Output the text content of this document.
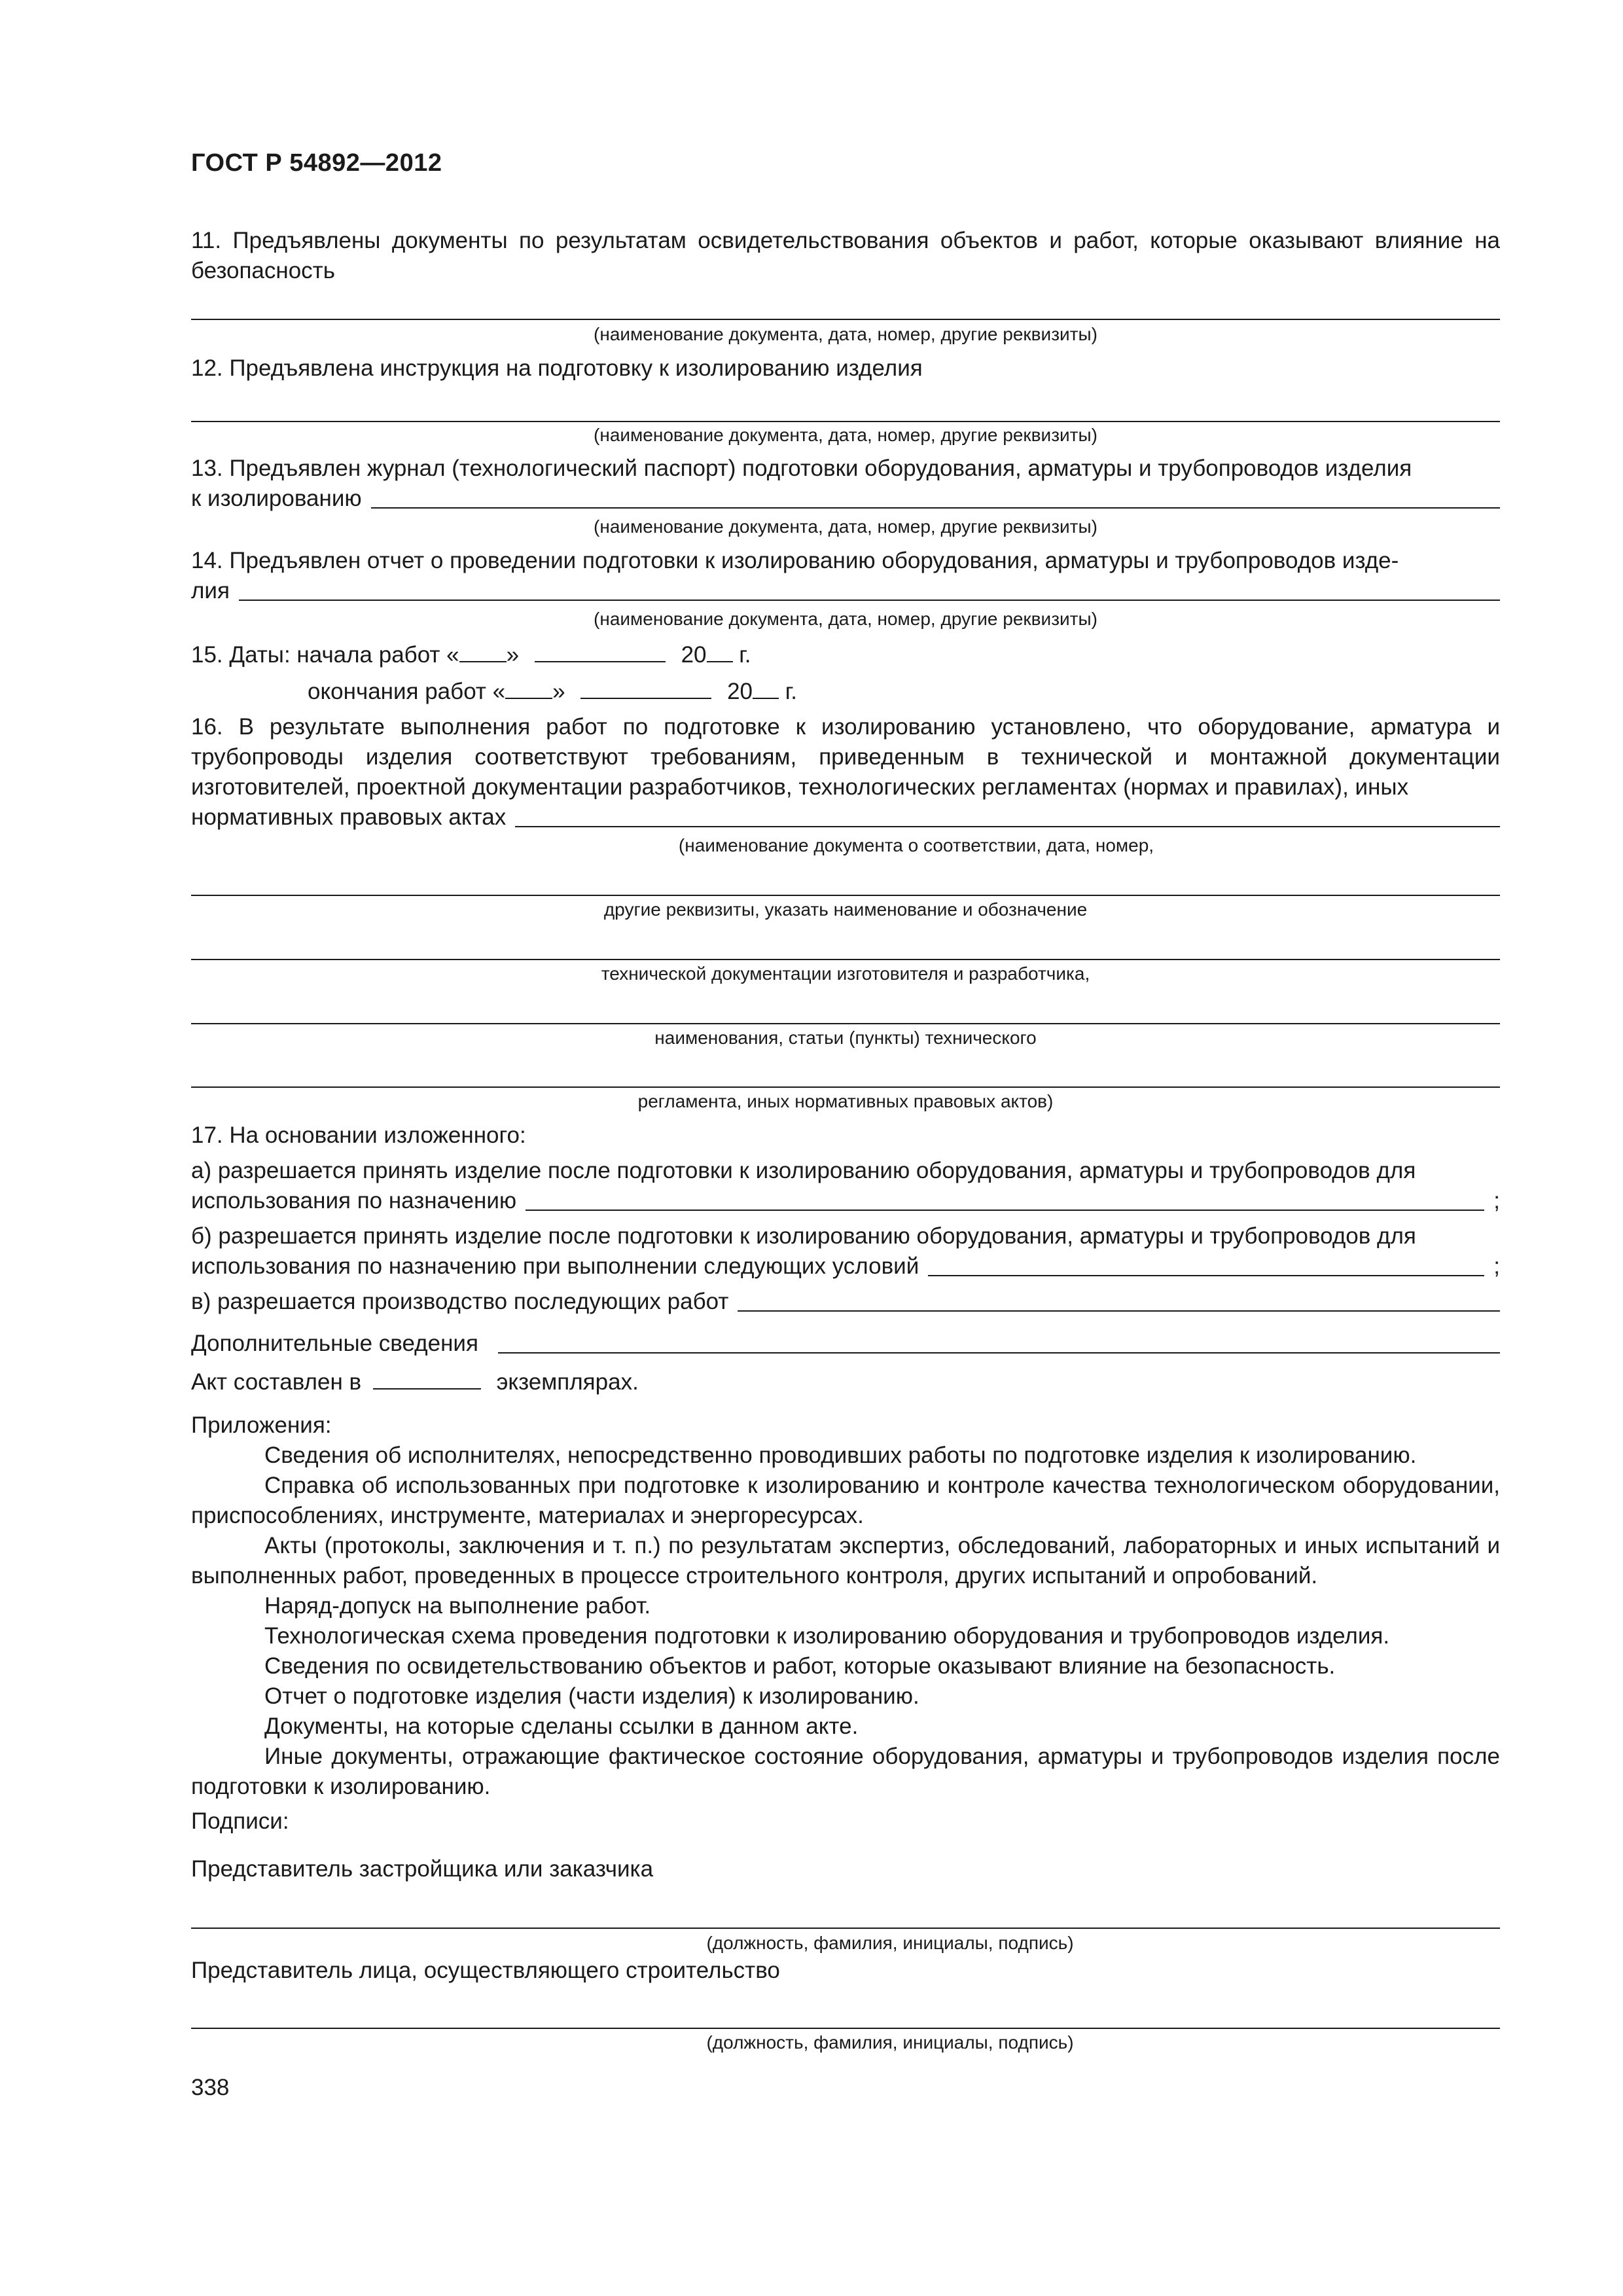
ГОСТ Р 54892—2012
11. Предъявлены документы по результатам освидетельствования объектов и работ, которые оказывают влияние на безопасность
(наименование документа, дата, номер, другие реквизиты)
12. Предъявлена инструкция на подготовку к изолированию изделия
(наименование документа, дата, номер, другие реквизиты)
13. Предъявлен журнал (технологический паспорт) подготовки оборудования, арматуры и трубопроводов изделия
к изолированию
(наименование документа, дата, номер, другие реквизиты)
14. Предъявлен отчет о проведении подготовки к изолированию оборудования, арматуры и трубопроводов изде-
лия
(наименование документа, дата, номер, другие реквизиты)
15. Даты: начала работ « »	20 г.
окончания работ « »	20 г.
16. В результате выполнения работ по подготовке к изолированию установлено, что оборудование, арматура и трубопроводы изделия соответствуют требованиям, приведенным в технической и монтажной документации изготовителей, проектной документации разработчиков, технологических регламентах (нормах и правилах), иных
нормативных правовых актах
(наименование документа о соответствии, дата, номер,
другие реквизиты, указать наименование и обозначение
технической документации изготовителя и разработчика,
наименования, статьи (пункты) технического
регламента, иных нормативных правовых актов)
17. На основании изложенного:
а) разрешается принять изделие после подготовки к изолированию оборудования, арматуры и трубопроводов для
использования по назначению	;
б) разрешается принять изделие после подготовки к изолированию оборудования, арматуры и трубопроводов для
использования по назначению при выполнении следующих условий	;
в) разрешается производство последующих работ
Дополнительные сведения
Акт составлен в	экземплярах.
Приложения:
Сведения об исполнителях, непосредственно проводивших работы по подготовке изделия к изолированию.
Справка об использованных при подготовке к изолированию и контроле качества технологическом оборудовании, приспособлениях, инструменте, материалах и энергоресурсах.
Акты (протоколы, заключения и т. п.) по результатам экспертиз, обследований, лабораторных и иных испытаний и выполненных работ, проведенных в процессе строительного контроля, других испытаний и опробований.
Наряд-допуск на выполнение работ.
Технологическая схема проведения подготовки к изолированию оборудования и трубопроводов изделия.
Сведения по освидетельствованию объектов и работ, которые оказывают влияние на безопасность.
Отчет о подготовке изделия (части изделия) к изолированию.
Документы, на которые сделаны ссылки в данном акте.
Иные документы, отражающие фактическое состояние оборудования, арматуры и трубопроводов изделия после подготовки к изолированию.
Подписи:
Представитель застройщика или заказчика
(должность, фамилия, инициалы, подпись)
Представитель лица, осуществляющего строительство
(должность, фамилия, инициалы, подпись)
338
